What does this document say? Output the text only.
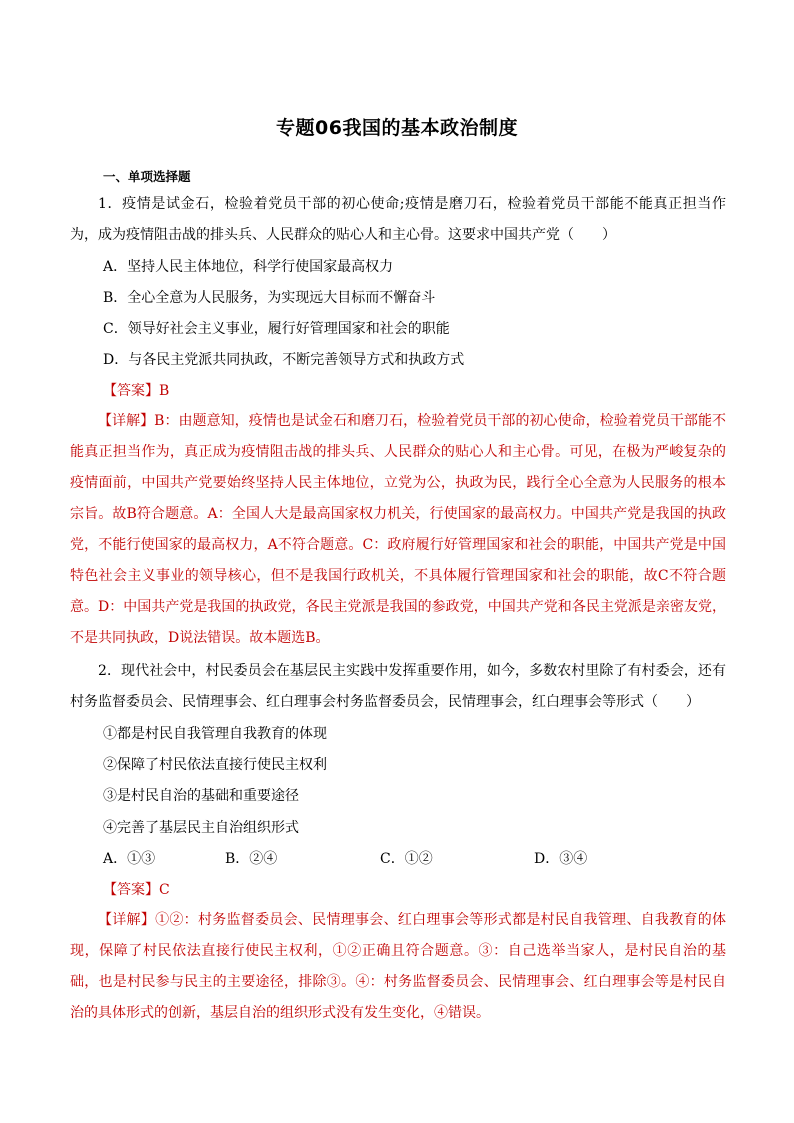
专题06我国的基本政治制度
一、单项选择题

1．疫情是试金石，检验着党员干部的初心使命;疫情是磨刀石，检验着党员干部能不能真正担当作为，成为疫情阻击战的排头兵、人民群众的贴心人和主心骨。这要求中国共产党（　　）

A．坚持人民主体地位，科学行使国家最高权力
B．全心全意为人民服务，为实现远大目标而不懈奋斗
C．领导好社会主义事业，履行好管理国家和社会的职能
D．与各民主党派共同执政，不断完善领导方式和执政方式
【答案】B

【详解】B：由题意知，疫情也是试金石和磨刀石，检验着党员干部的初心使命，检验着党员干部能不能真正担当作为，真正成为疫情阻击战的排头兵、人民群众的贴心人和主心骨。可见，在极为严峻复杂的疫情面前，中国共产党要始终坚持人民主体地位，立党为公，执政为民，践行全心全意为人民服务的根本宗旨。故B符合题意。A：全国人大是最高国家权力机关，行使国家的最高权力。中国共产党是我国的执政党，不能行使国家的最高权力，A不符合题意。C：政府履行好管理国家和社会的职能，中国共产党是中国特色社会主义事业的领导核心，但不是我国行政机关，不具体履行管理国家和社会的职能，故C不符合题意。D：中国共产党是我国的执政党，各民主党派是我国的参政党，中国共产党和各民主党派是亲密友党，不是共同执政，D说法错误。故本题选B。

2．现代社会中，村民委员会在基层民主实践中发挥重要作用，如今，多数农村里除了有村委会，还有村务监督委员会、民情理事会、红白理事会村务监督委员会，民情理事会，红白理事会等形式（　　）

①都是村民自我管理自我教育的体现
②保障了村民依法直接行使民主权利
③是村民自治的基础和重要途径
④完善了基层民主自治组织形式
A．①③	B．②④	C．①②	D．③④
【答案】C

【详解】①②：村务监督委员会、民情理事会、红白理事会等形式都是村民自我管理、自我教育的体现，保障了村民依法直接行使民主权利，①②正确且符合题意。③：自己选举当家人，是村民自治的基础，也是村民参与民主的主要途径，排除③。④：村务监督委员会、民情理事会、红白理事会等是村民自治的具体形式的创新，基层自治的组织形式没有发生变化，④错误。
